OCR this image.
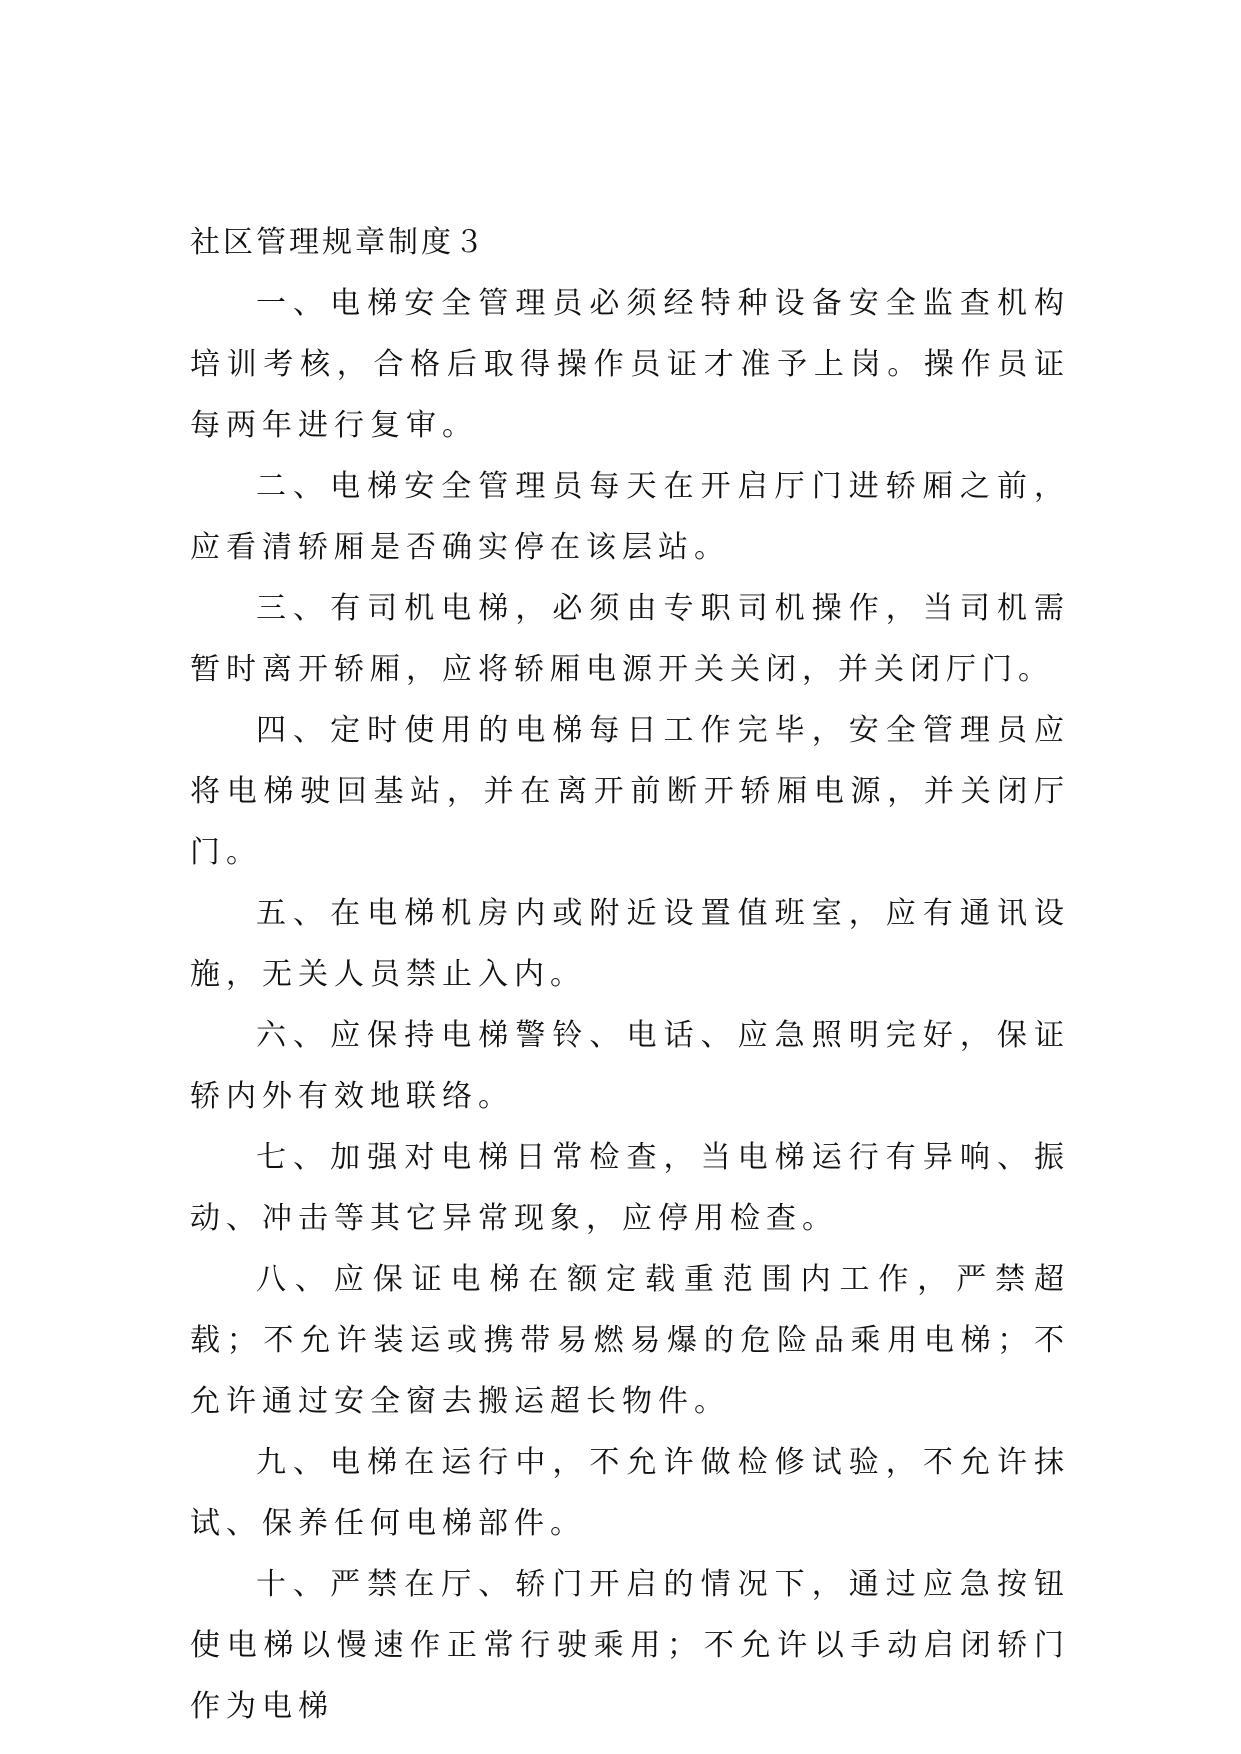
社区管理规章制度３

一、电梯安全管理员必须经特种设备安全监查机构培训考核，合格后取得操作员证才准予上岗。操作员证每两年进行复审。

二、电梯安全管理员每天在开启厅门进轿厢之前，应看清轿厢是否确实停在该层站。

三、有司机电梯，必须由专职司机操作，当司机需暂时离开轿厢，应将轿厢电源开关关闭，并关闭厅门。

四、定时使用的电梯每日工作完毕，安全管理员应将电梯驶回基站，并在离开前断开轿厢电源，并关闭厅门。

五、在电梯机房内或附近设置值班室，应有通讯设施，无关人员禁止入内。

六、应保持电梯警铃、电话、应急照明完好，保证轿内外有效地联络。

七、加强对电梯日常检查，当电梯运行有异响、振动、冲击等其它异常现象，应停用检查。

八、应保证电梯在额定载重范围内工作，严禁超载；不允许装运或携带易燃易爆的危险品乘用电梯；不允许通过安全窗去搬运超长物件。

九、电梯在运行中，不允许做检修试验，不允许抹试、保养任何电梯部件。

十、严禁在厅、轿门开启的情况下，通过应急按钮使电梯以慢速作正常行驶乘用；不允许以手动启闭轿门作为电梯
